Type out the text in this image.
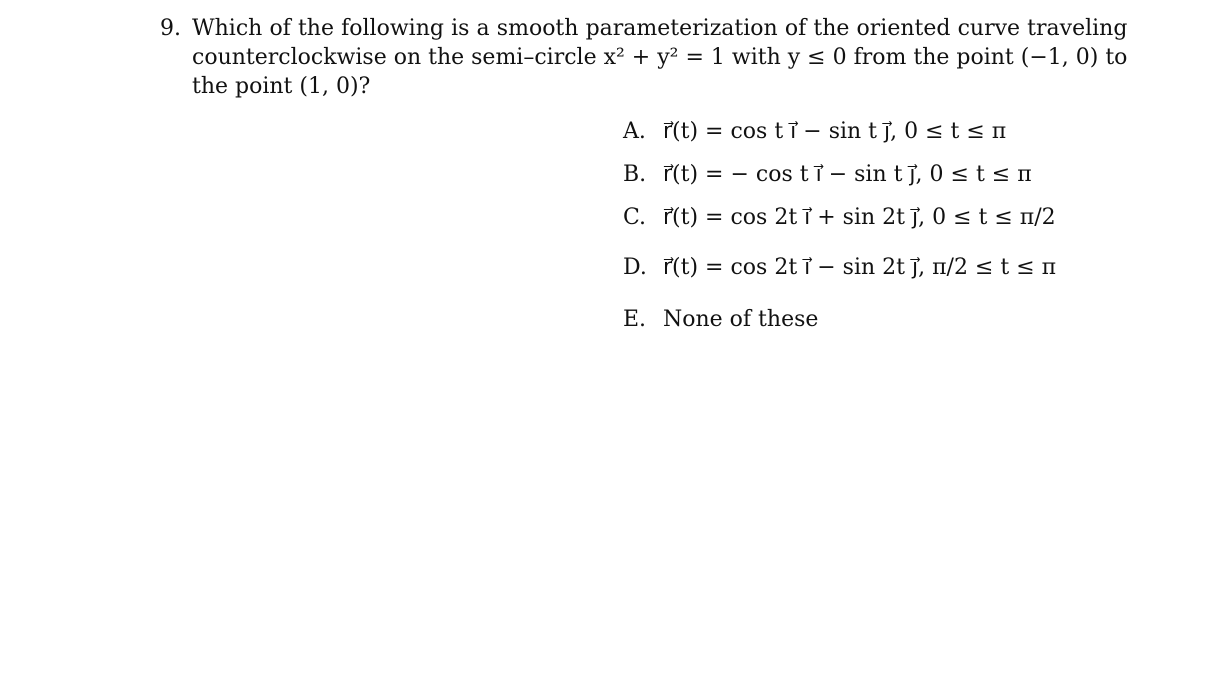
9. Which of the following is a smooth parameterization of the oriented curve traveling
counterclockwise on the semi–circle x² + y² = 1 with y ≤ 0 from the point (−1, 0) to
the point (1, 0)?
A. r⃗(t) = cos t i⃗ − sin t j⃗, 0 ≤ t ≤ π
B. r⃗(t) = − cos t i⃗ − sin t j⃗, 0 ≤ t ≤ π
C. r⃗(t) = cos 2t i⃗ + sin 2t j⃗, 0 ≤ t ≤ π/2
D. r⃗(t) = cos 2t i⃗ − sin 2t j⃗, π/2 ≤ t ≤ π
E. None of these
